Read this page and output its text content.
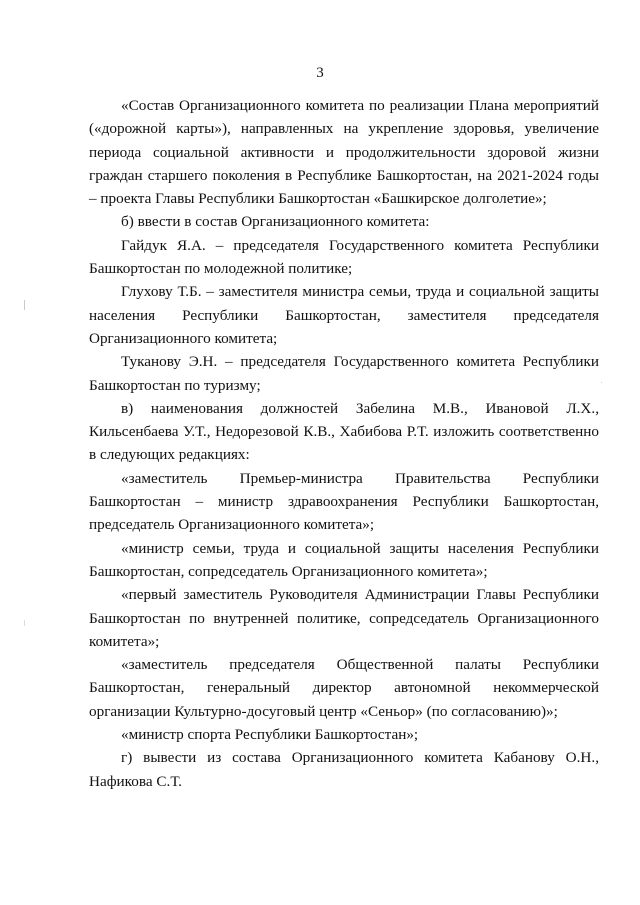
3

«Состав Организационного комитета по реализации Плана мероприятий («дорожной карты»), направленных на укрепление здоровья, увеличение периода социальной активности и продолжительности здоровой жизни граждан старшего поколения в Республике Башкортостан, на 2021-2024 годы – проекта Главы Республики Башкортостан «Башкирское долголетие»;

б) ввести в состав Организационного комитета:

Гайдук Я.А. – председателя Государственного комитета Республики Башкортостан по молодежной политике;

Глухову Т.Б. – заместителя министра семьи, труда и социальной защиты населения Республики Башкортостан, заместителя председателя Организационного комитета;

Туканову Э.Н. – председателя Государственного комитета Республики Башкортостан по туризму;

в) наименования должностей Забелина М.В., Ивановой Л.Х., Кильсенбаева У.Т., Недорезовой К.В., Хабибова Р.Т. изложить соответственно в следующих редакциях:

«заместитель Премьер-министра Правительства Республики Башкортостан – министр здравоохранения Республики Башкортостан, председатель Организационного комитета»;

«министр семьи, труда и социальной защиты населения Республики Башкортостан, сопредседатель Организационного комитета»;

«первый заместитель Руководителя Администрации Главы Республики Башкортостан по внутренней политике, сопредседатель Организационного комитета»;

«заместитель председателя Общественной палаты Республики Башкортостан, генеральный директор автономной некоммерческой организации Культурно-досуговый центр «Сеньор» (по согласованию)»;

«министр спорта Республики Башкортостан»;

г) вывести из состава Организационного комитета Кабанову О.Н., Нафикова С.Т.
